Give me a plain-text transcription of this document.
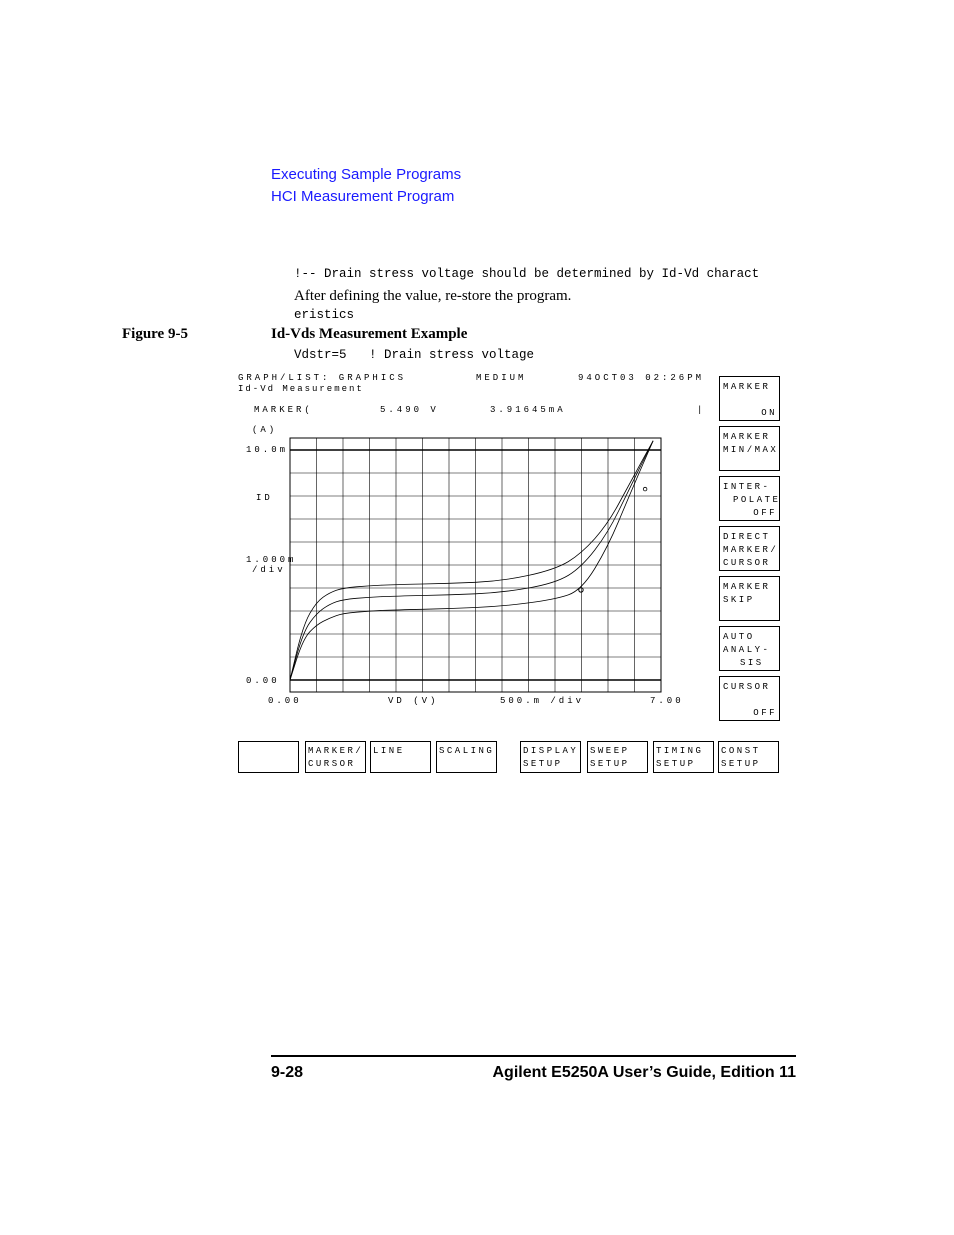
Executing Sample Programs
HCI Measurement Program

!-- Drain stress voltage should be determined by Id-Vd charact

eristics

Vdstr=5   ! Drain stress voltage

After defining the value, re-store the program.
Figure 9-5	Id-Vds Measurement Example
GRAPH/LIST: GRAPHICS	MEDIUM	94OCT03 02:26PM
Id-Vd Measurement
MARKER(	5.490 V	3.91645mA	|
(A)
10.0m
ID
1.000m
/div
0.00
0.00	VD (V)	500.m /div	7.00
MARKER
ON
MARKER
MIN/MAX
INTER-
POLATE
OFF
DIRECT
MARKER/
CURSOR
MARKER
SKIP
AUTO
ANALY-
SIS
CURSOR
OFF
MARKER/
CURSOR
LINE	SCALING	DISPLAY
SETUP
SWEEP
SETUP
TIMING
SETUP
CONST
SETUP
9-28	Agilent E5250A User’s Guide, Edition 11
